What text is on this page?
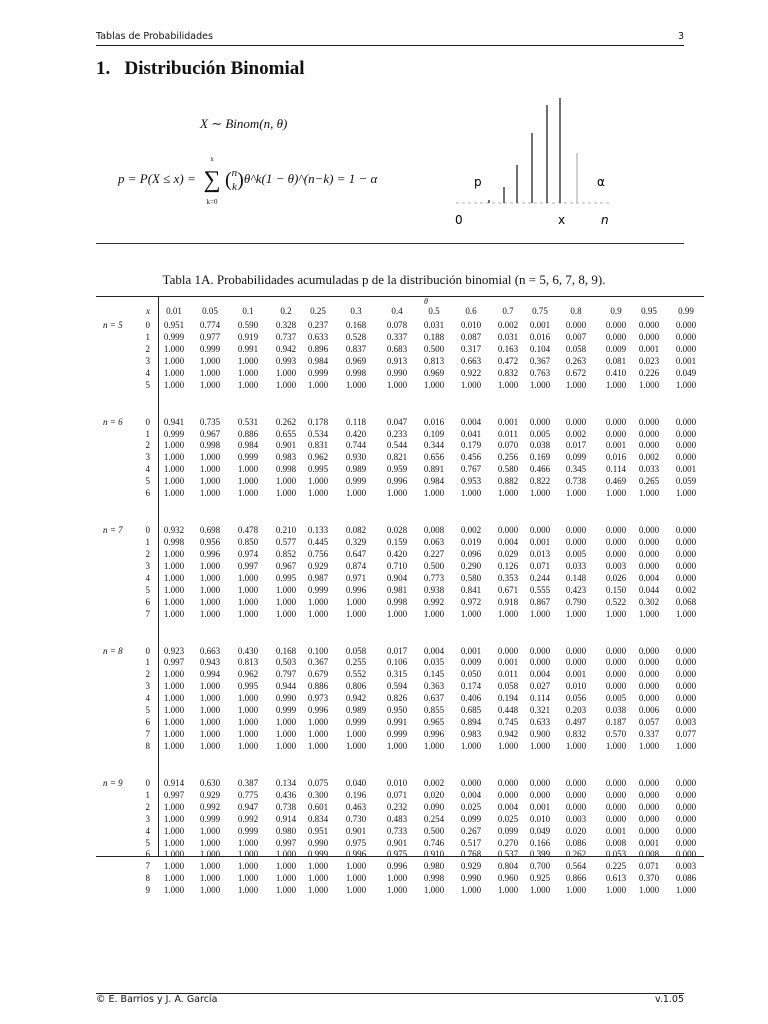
Tablas de Probabilidades	3
1. Distribución Binomial
X ∼ Binom(n, θ)
p = P(X ≤ x) =
x
∑
k=0
(n
k)θ^k(1 − θ)^(n−k) = 1 − α	p	α
0	x	n
Tabla 1A. Probabilidades acumuladas p de la distribución binomial (n = 5, 6, 7, 8, 9).
θ
x	0.01	0.05	0.1	0.2	0.25	0.3	0.4	0.5	0.6	0.7	0.75	0.8	0.9	0.95	0.99
n = 5	0	0.951	0.774	0.590	0.328	0.237	0.168	0.078	0.031	0.010	0.002	0.001	0.000	0.000	0.000	0.000
1	0.999	0.977	0.919	0.737	0.633	0.528	0.337	0.188	0.087	0.031	0.016	0.007	0.000	0.000	0.000
2	1.000	0.999	0.991	0.942	0.896	0.837	0.683	0.500	0.317	0.163	0.104	0.058	0.009	0.001	0.000
3	1.000	1.000	1.000	0.993	0.984	0.969	0.913	0.813	0.663	0.472	0.367	0.263	0.081	0.023	0.001
4	1.000	1.000	1.000	1.000	0.999	0.998	0.990	0.969	0.922	0.832	0.763	0.672	0.410	0.226	0.049
5	1.000	1.000	1.000	1.000	1.000	1.000	1.000	1.000	1.000	1.000	1.000	1.000	1.000	1.000	1.000
n = 6	0	0.941	0.735	0.531	0.262	0.178	0.118	0.047	0.016	0.004	0.001	0.000	0.000	0.000	0.000	0.000
1	0.999	0.967	0.886	0.655	0.534	0.420	0.233	0.109	0.041	0.011	0.005	0.002	0.000	0.000	0.000
2	1.000	0.998	0.984	0.901	0.831	0.744	0.544	0.344	0.179	0.070	0.038	0.017	0.001	0.000	0.000
3	1.000	1.000	0.999	0.983	0.962	0.930	0.821	0.656	0.456	0.256	0.169	0.099	0.016	0.002	0.000
4	1.000	1.000	1.000	0.998	0.995	0.989	0.959	0.891	0.767	0.580	0.466	0.345	0.114	0.033	0.001
5	1.000	1.000	1.000	1.000	1.000	0.999	0.996	0.984	0.953	0.882	0.822	0.738	0.469	0.265	0.059
6	1.000	1.000	1.000	1.000	1.000	1.000	1.000	1.000	1.000	1.000	1.000	1.000	1.000	1.000	1.000
n = 7	0	0.932	0.698	0.478	0.210	0.133	0.082	0.028	0.008	0.002	0.000	0.000	0.000	0.000	0.000	0.000
1	0.998	0.956	0.850	0.577	0.445	0.329	0.159	0.063	0.019	0.004	0.001	0.000	0.000	0.000	0.000
2	1.000	0.996	0.974	0.852	0.756	0.647	0.420	0.227	0.096	0.029	0.013	0.005	0.000	0.000	0.000
3	1.000	1.000	0.997	0.967	0.929	0.874	0.710	0.500	0.290	0.126	0.071	0.033	0.003	0.000	0.000
4	1.000	1.000	1.000	0.995	0.987	0.971	0.904	0.773	0.580	0.353	0.244	0.148	0.026	0.004	0.000
5	1.000	1.000	1.000	1.000	0.999	0.996	0.981	0.938	0.841	0.671	0.555	0.423	0.150	0.044	0.002
6	1.000	1.000	1.000	1.000	1.000	1.000	0.998	0.992	0.972	0.918	0.867	0.790	0.522	0.302	0.068
7	1.000	1.000	1.000	1.000	1.000	1.000	1.000	1.000	1.000	1.000	1.000	1.000	1.000	1.000	1.000
n = 8	0	0.923	0.663	0.430	0.168	0.100	0.058	0.017	0.004	0.001	0.000	0.000	0.000	0.000	0.000	0.000
1	0.997	0.943	0.813	0.503	0.367	0.255	0.106	0.035	0.009	0.001	0.000	0.000	0.000	0.000	0.000
2	1.000	0.994	0.962	0.797	0.679	0.552	0.315	0.145	0.050	0.011	0.004	0.001	0.000	0.000	0.000
3	1.000	1.000	0.995	0.944	0.886	0.806	0.594	0.363	0.174	0.058	0.027	0.010	0.000	0.000	0.000
4	1.000	1.000	1.000	0.990	0.973	0.942	0.826	0.637	0.406	0.194	0.114	0.056	0.005	0.000	0.000
5	1.000	1.000	1.000	0.999	0.996	0.989	0.950	0.855	0.685	0.448	0.321	0.203	0.038	0.006	0.000
6	1.000	1.000	1.000	1.000	1.000	0.999	0.991	0.965	0.894	0.745	0.633	0.497	0.187	0.057	0.003
7	1.000	1.000	1.000	1.000	1.000	1.000	0.999	0.996	0.983	0.942	0.900	0.832	0.570	0.337	0.077
8	1.000	1.000	1.000	1.000	1.000	1.000	1.000	1.000	1.000	1.000	1.000	1.000	1.000	1.000	1.000
n = 9	0	0.914	0.630	0.387	0.134	0.075	0.040	0.010	0.002	0.000	0.000	0.000	0.000	0.000	0.000	0.000
1	0.997	0.929	0.775	0.436	0.300	0.196	0.071	0.020	0.004	0.000	0.000	0.000	0.000	0.000	0.000
2	1.000	0.992	0.947	0.738	0.601	0.463	0.232	0.090	0.025	0.004	0.001	0.000	0.000	0.000	0.000
3	1.000	0.999	0.992	0.914	0.834	0.730	0.483	0.254	0.099	0.025	0.010	0.003	0.000	0.000	0.000
4	1.000	1.000	0.999	0.980	0.951	0.901	0.733	0.500	0.267	0.099	0.049	0.020	0.001	0.000	0.000
5	1.000	1.000	1.000	0.997	0.990	0.975	0.901	0.746	0.517	0.270	0.166	0.086	0.008	0.001	0.000
6	1.000	1.000	1.000	1.000	0.999	0.996	0.975	0.910	0.768	0.537	0.399	0.262	0.053	0.008	0.000
7	1.000	1.000	1.000	1.000	1.000	1.000	0.996	0.980	0.929	0.804	0.700	0.564	0.225	0.071	0.003
8	1.000	1.000	1.000	1.000	1.000	1.000	1.000	0.998	0.990	0.960	0.925	0.866	0.613	0.370	0.086
9	1.000	1.000	1.000	1.000	1.000	1.000	1.000	1.000	1.000	1.000	1.000	1.000	1.000	1.000	1.000
© E. Barrios y J. A. García	v.1.05
